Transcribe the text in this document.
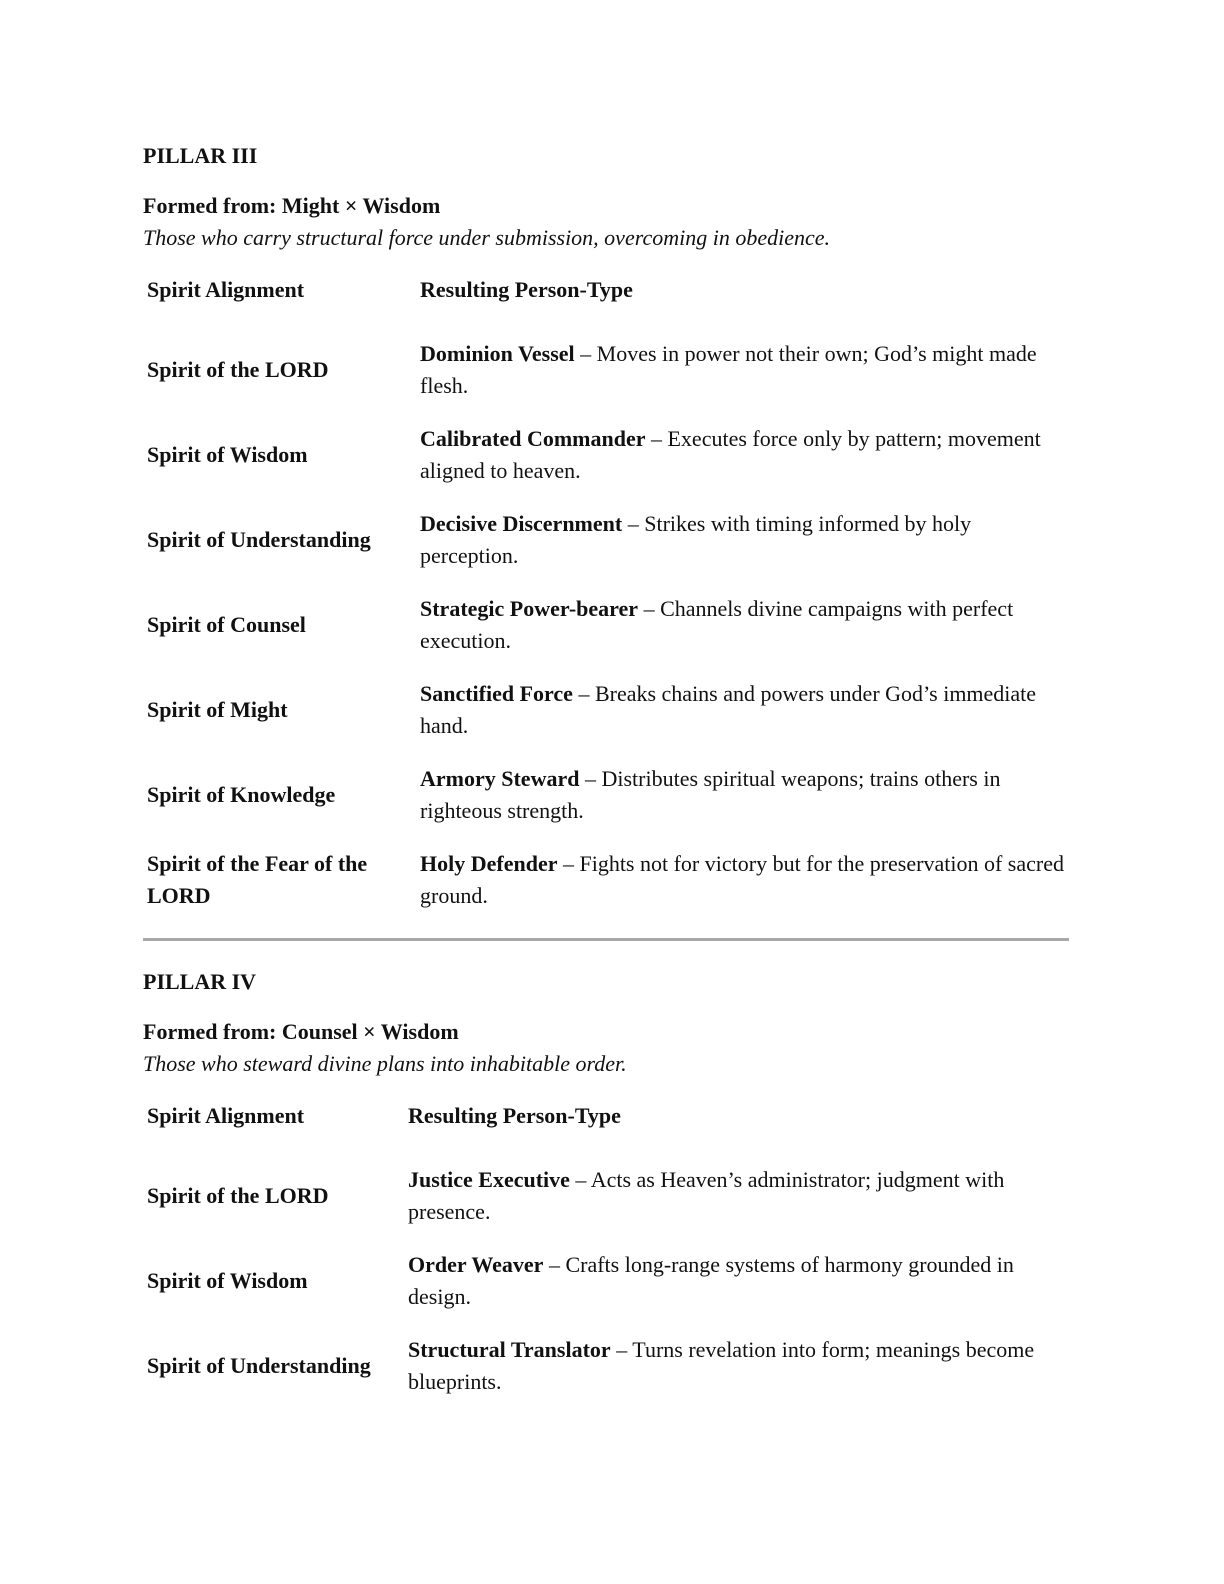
PILLAR III

Formed from: Might × Wisdom

Those who carry structural force under submission, overcoming in obedience.

Spirit Alignment	Resulting Person-Type
Spirit of the LORD	Dominion Vessel – Moves in power not their own; God’s might made flesh.
Spirit of Wisdom	Calibrated Commander – Executes force only by pattern; movement aligned to heaven.
Spirit of Understanding	Decisive Discernment – Strikes with timing informed by holy perception.
Spirit of Counsel	Strategic Power-bearer – Channels divine campaigns with perfect execution.
Spirit of Might	Sanctified Force – Breaks chains and powers under God’s immediate hand.
Spirit of Knowledge	Armory Steward – Distributes spiritual weapons; trains others in righteous strength.
Spirit of the Fear of the LORD	Holy Defender – Fights not for victory but for the preservation of sacred ground.

PILLAR IV

Formed from: Counsel × Wisdom

Those who steward divine plans into inhabitable order.

Spirit Alignment	Resulting Person-Type
Spirit of the LORD	Justice Executive – Acts as Heaven’s administrator; judgment with presence.
Spirit of Wisdom	Order Weaver – Crafts long-range systems of harmony grounded in design.
Spirit of Understanding	Structural Translator – Turns revelation into form; meanings become blueprints.
